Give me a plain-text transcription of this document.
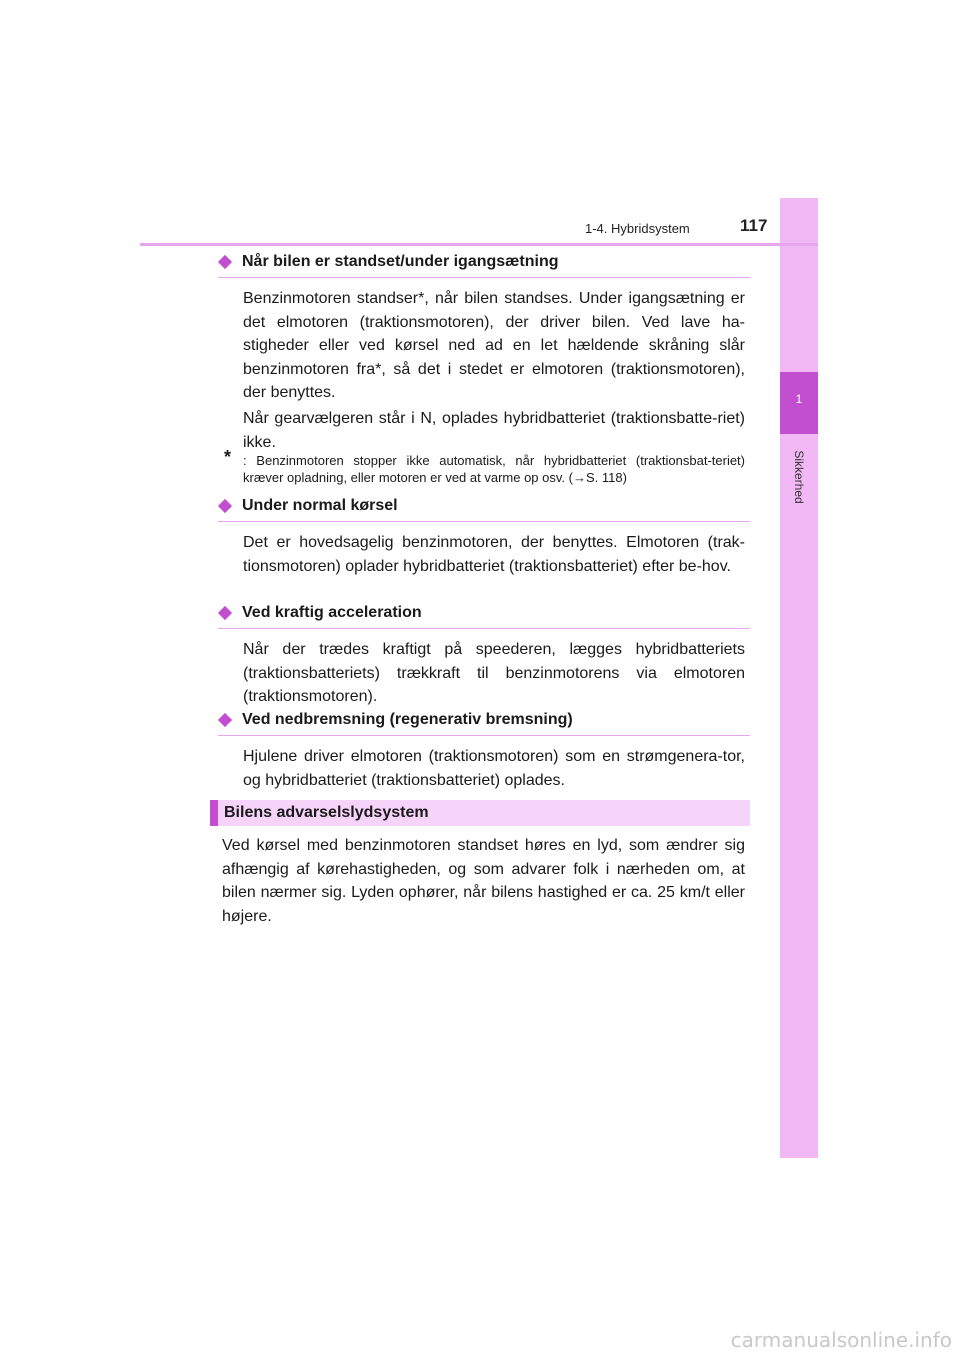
1
Sikkerhed
1-4. Hybridsystem	117
Når bilen er standset/under igangsætning
Benzinmotoren standser*, når bilen standses. Under igangsætning er det elmotoren (traktionsmotoren), der driver bilen. Ved lave ha-stigheder eller ved kørsel ned ad en let hældende skråning slår benzinmotoren fra*, så det i stedet er elmotoren (traktionsmotoren), der benyttes.
Når gearvælgeren står i N, oplades hybridbatteriet (traktionsbatte-riet) ikke.
* : Benzinmotoren stopper ikke automatisk, når hybridbatteriet (traktionsbat-teriet) kræver opladning, eller motoren er ved at varme op osv. (→S. 118)
Under normal kørsel
Det er hovedsagelig benzinmotoren, der benyttes. Elmotoren (trak-tionsmotoren) oplader hybridbatteriet (traktionsbatteriet) efter be-hov.
Ved kraftig acceleration
Når der trædes kraftigt på speederen, lægges hybridbatteriets (traktionsbatteriets) trækkraft til benzinmotorens via elmotoren (traktionsmotoren).
Ved nedbremsning (regenerativ bremsning)
Hjulene driver elmotoren (traktionsmotoren) som en strømgenera-tor, og hybridbatteriet (traktionsbatteriet) oplades.
Bilens advarselslydsystem
Ved kørsel med benzinmotoren standset høres en lyd, som ændrer sig afhængig af kørehastigheden, og som advarer folk i nærheden om, at bilen nærmer sig. Lyden ophører, når bilens hastighed er ca. 25 km/t eller højere.
carmanualsonline.info
